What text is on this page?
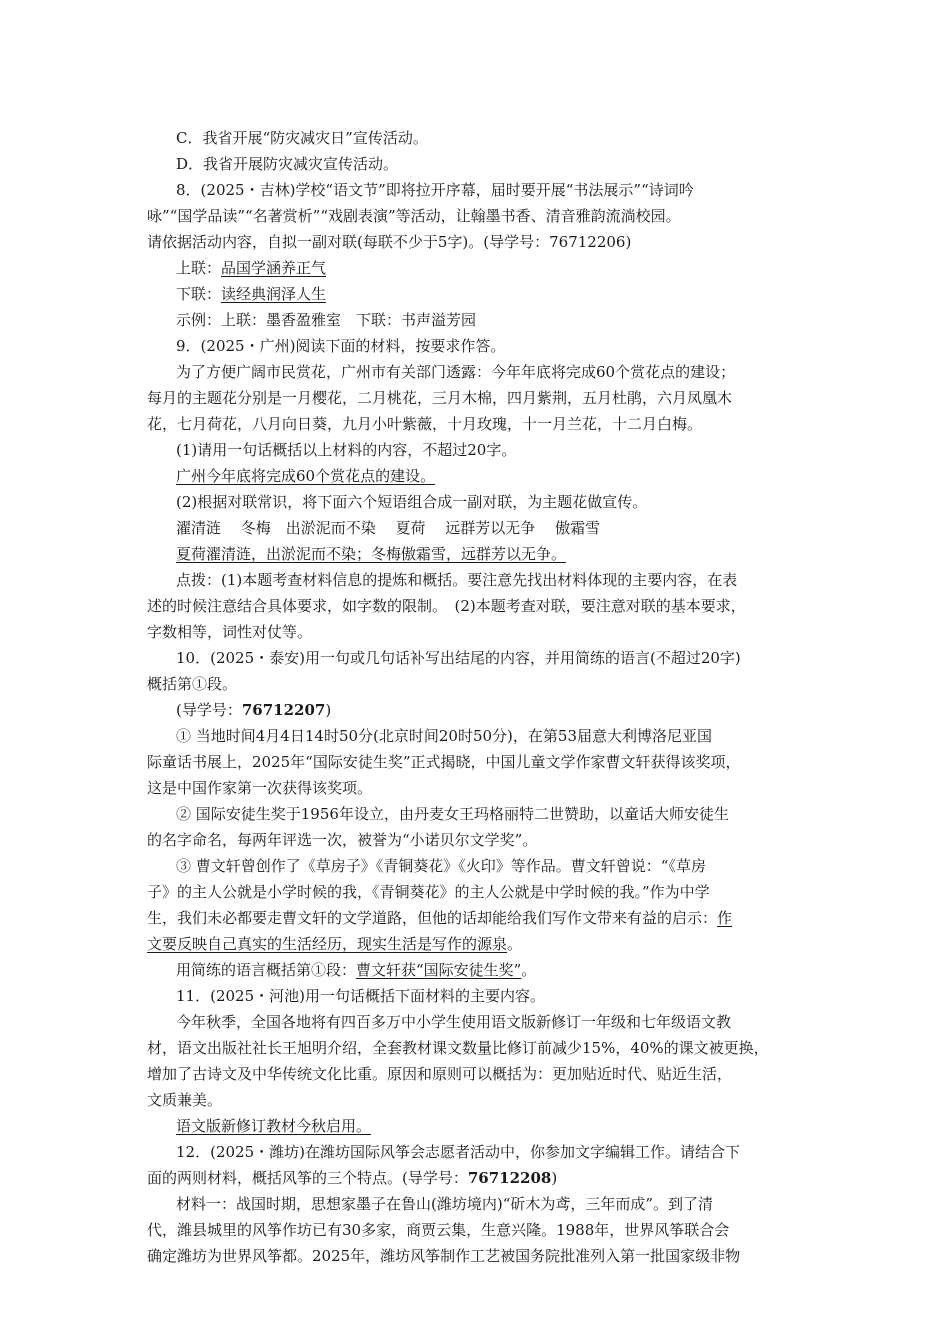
C．我省开展“防灾减灾日”宣传活动。
D．我省开展防灾减灾宣传活动。
8．(2025・吉林)学校“语文节”即将拉开序幕，届时要开展“书法展示”“诗词吟
咏”“国学品读”“名著赏析”“戏剧表演”等活动，让翰墨书香、清音雅韵流淌校园。
请依据活动内容，自拟一副对联(每联不少于5字)。(导学号：76712206)
上联：品国学涵养正气
下联：读经典润泽人生
示例：上联：墨香盈雅室　下联：书声溢芳园
9．(2025・广州)阅读下面的材料，按要求作答。
为了方便广阔市民赏花，广州市有关部门透露：今年年底将完成60个赏花点的建设；
每月的主题花分别是一月樱花，二月桃花，三月木棉，四月紫荆，五月杜鹃，六月凤凰木
花，七月荷花，八月向日葵，九月小叶紫薇，十月玫瑰，十一月兰花，十二月白梅。
(1)请用一句话概括以上材料的内容，不超过20字。
广州今年底将完成60个赏花点的建设。
(2)根据对联常识，将下面六个短语组合成一副对联，为主题花做宣传。
濯清涟　 冬梅　出淤泥而不染　 夏荷　 远群芳以无争　 傲霜雪
夏荷濯清涟，出淤泥而不染；冬梅傲霜雪，远群芳以无争。
点拨：(1)本题考查材料信息的提炼和概括。要注意先找出材料体现的主要内容，在表
述的时候注意结合具体要求，如字数的限制。　(2)本题考查对联，要注意对联的基本要求，
字数相等，词性对仗等。
10．(2025・泰安)用一句或几句话补写出结尾的内容，并用简练的语言(不超过20字)
概括第①段。
(导学号：76712207)
① 当地时间4月4日14时50分(北京时间20时50分)，在第53届意大利博洛尼亚国
际童话书展上，2025年“国际安徒生奖”正式揭晓，中国儿童文学作家曹文轩获得该奖项，
这是中国作家第一次获得该奖项。
② 国际安徒生奖于1956年设立，由丹麦女王玛格丽特二世赞助，以童话大师安徒生
的名字命名，每两年评选一次，被誉为“小诺贝尔文学奖”。
③ 曹文轩曾创作了《草房子》《青铜葵花》《火印》等作品。曹文轩曾说：“《草房
子》的主人公就是小学时候的我，《青铜葵花》的主人公就是中学时候的我。”作为中学
生，我们未必都要走曹文轩的文学道路，但他的话却能给我们写作文带来有益的启示：作
文要反映自己真实的生活经历，现实生活是写作的源泉。
用简练的语言概括第①段：曹文轩获“国际安徒生奖”。
11．(2025・河池)用一句话概括下面材料的主要内容。
今年秋季，全国各地将有四百多万中小学生使用语文版新修订一年级和七年级语文教
材，语文出版社社长王旭明介绍，全套教材课文数量比修订前减少15%，40%的课文被更换，
增加了古诗文及中华传统文化比重。原因和原则可以概括为：更加贴近时代、贴近生活，
文质兼美。
语文版新修订教材今秋启用。
12．(2025・潍坊)在潍坊国际风筝会志愿者活动中，你参加文字编辑工作。请结合下
面的两则材料，概括风筝的三个特点。(导学号：76712208)
材料一：战国时期，思想家墨子在鲁山(潍坊境内)“斫木为鸢，三年而成”。到了清
代，潍县城里的风筝作坊已有30多家，商贾云集，生意兴隆。1988年，世界风筝联合会
确定潍坊为世界风筝都。2025年，潍坊风筝制作工艺被国务院批准列入第一批国家级非物
